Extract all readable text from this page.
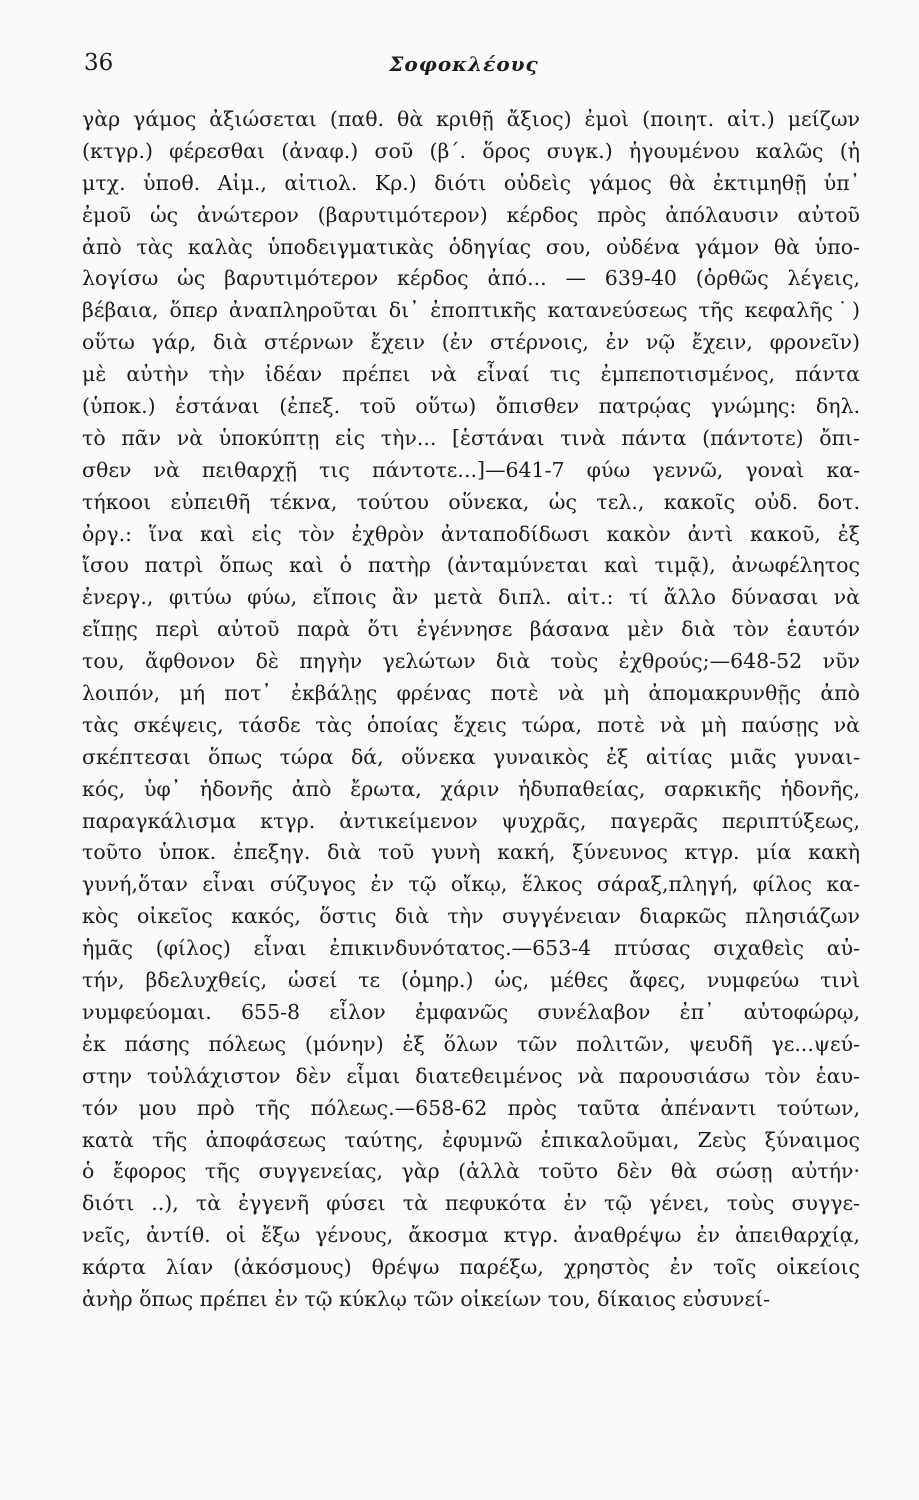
36	Σοφοκλέους
γὰρ γάμος ἀξιώσεται (παθ. θὰ κριθῇ ἄξιος) ἐμοὶ (ποιητ. αἰτ.) μείζων
(κτγρ.) φέρεσθαι (ἀναφ.) σοῦ (β΄. ὅρος συγκ.) ἡγουμένου καλῶς (ἡ
μτχ. ὑποθ. Αἰμ., αἰτιολ. Κρ.) διότι οὐδεὶς γάμος θὰ ἐκτιμηθῇ ὑπ᾿
ἐμοῦ ὡς ἀνώτερον (βαρυτιμότερον) κέρδος πρὸς ἀπόλαυσιν αὐτοῦ
ἀπὸ τὰς καλὰς ὑποδειγματικὰς ὁδηγίας σου, οὐδένα γάμον θὰ ὑπο-
λογίσω ὡς βαρυτιμότερον κέρδος ἀπό... — 639-40 (ὀρθῶς λέγεις,
βέβαια, ὅπερ ἀναπληροῦται δι᾿ ἐποπτικῆς κατανεύσεως τῆς κεφαλῆς˙)
οὕτω γάρ, διὰ στέρνων ἔχειν (ἐν στέρνοις, ἐν νῷ ἔχειν, φρονεῖν)
μὲ αὐτὴν τὴν ἰδέαν πρέπει νὰ εἶναί τις ἐμπεποτισμένος, πάντα
(ὑποκ.) ἑστάναι (ἐπεξ. τοῦ οὕτω) ὄπισθεν πατρῴας γνώμης: δηλ.
τὸ πᾶν νὰ ὑποκύπτῃ εἰς τὴν... [ἑστάναι τινὰ πάντα (πάντοτε) ὄπι-
σθεν νὰ πειθαρχῇ τις πάντοτε...]—641-7 φύω γεννῶ, γοναὶ κα-
τήκοοι εὐπειθῆ τέκνα, τούτου οὕνεκα, ὡς τελ., κακοῖς οὐδ. δοτ.
ὀργ.: ἵνα καὶ εἰς τὸν ἐχθρὸν ἀνταποδίδωσι κακὸν ἀντὶ κακοῦ, ἐξ
ἴσου πατρὶ ὅπως καὶ ὁ πατὴρ (ἀνταμύνεται καὶ τιμᾷ), ἀνωφέλητος
ἐνεργ., φιτύω φύω, εἴποις ἂν μετὰ διπλ. αἰτ.: τί ἄλλο δύνασαι νὰ
εἴπῃς περὶ αὐτοῦ παρὰ ὅτι ἐγέννησε βάσανα μὲν διὰ τὸν ἑαυτόν
του, ἄφθονον δὲ πηγὴν γελώτων διὰ τοὺς ἐχθρούς;—648-52 νῦν
λοιπόν, μή ποτ᾿ ἐκβάλῃς φρένας ποτὲ νὰ μὴ ἀπομακρυνθῇς ἀπὸ
τὰς σκέψεις, τάσδε τὰς ὁποίας ἔχεις τώρα, ποτὲ νὰ μὴ παύσῃς νὰ
σκέπτεσαι ὅπως τώρα δά, οὕνεκα γυναικὸς ἐξ αἰτίας μιᾶς γυναι-
κός, ὑφ᾿ ἡδονῆς ἀπὸ ἔρωτα, χάριν ἡδυπαθείας, σαρκικῆς ἡδονῆς,
παραγκάλισμα κτγρ. ἀντικείμενον ψυχρᾶς, παγερᾶς περιπτύξεως,
τοῦτο ὑποκ. ἐπεξηγ. διὰ τοῦ γυνὴ κακή, ξύνευνος κτγρ. μία κακὴ
γυνή,ὅταν εἶναι σύζυγος ἐν τῷ οἴκῳ, ἕλκος σάραξ,πληγή, φίλος κα-
κὸς οἰκεῖος κακός, ὅστις διὰ τὴν συγγένειαν διαρκῶς πλησιάζων
ἡμᾶς (φίλος) εἶναι ἐπικινδυνότατος.—653-4 πτύσας σιχαθεὶς αὐ-
τήν, βδελυχθείς, ὡσεί τε (ὁμηρ.) ὡς, μέθες ἄφες, νυμφεύω τινὶ
νυμφεύομαι. 655-8 εἷλον ἐμφανῶς συνέλαβον ἐπ᾿ αὐτοφώρῳ,
ἐκ πάσης πόλεως (μόνην) ἐξ ὅλων τῶν πολιτῶν, ψευδῆ γε...ψεύ-
στην τοὐλάχιστον δὲν εἶμαι διατεθειμένος νὰ παρουσιάσω τὸν ἑαυ-
τόν μου πρὸ τῆς πόλεως.—658-62 πρὸς ταῦτα ἀπέναντι τούτων,
κατὰ τῆς ἀποφάσεως ταύτης, ἐφυμνῶ ἐπικαλοῦμαι, Ζεὺς ξύναιμος
ὁ ἔφορος τῆς συγγενείας, γὰρ (ἀλλὰ τοῦτο δὲν θὰ σώσῃ αὐτήν·
διότι ..), τὰ ἐγγενῆ φύσει τὰ πεφυκότα ἐν τῷ γένει, τοὺς συγγε-
νεῖς, ἀντίθ. οἱ ἔξω γένους, ἄκοσμα κτγρ. ἀναθρέψω ἐν ἀπειθαρχίᾳ,
κάρτα λίαν (ἀκόσμους) θρέψω παρέξω, χρηστὸς ἐν τοῖς οἰκείοις
ἀνὴρ ὅπως πρέπει ἐν τῷ κύκλῳ τῶν οἰκείων του, δίκαιος εὐσυνεί-
